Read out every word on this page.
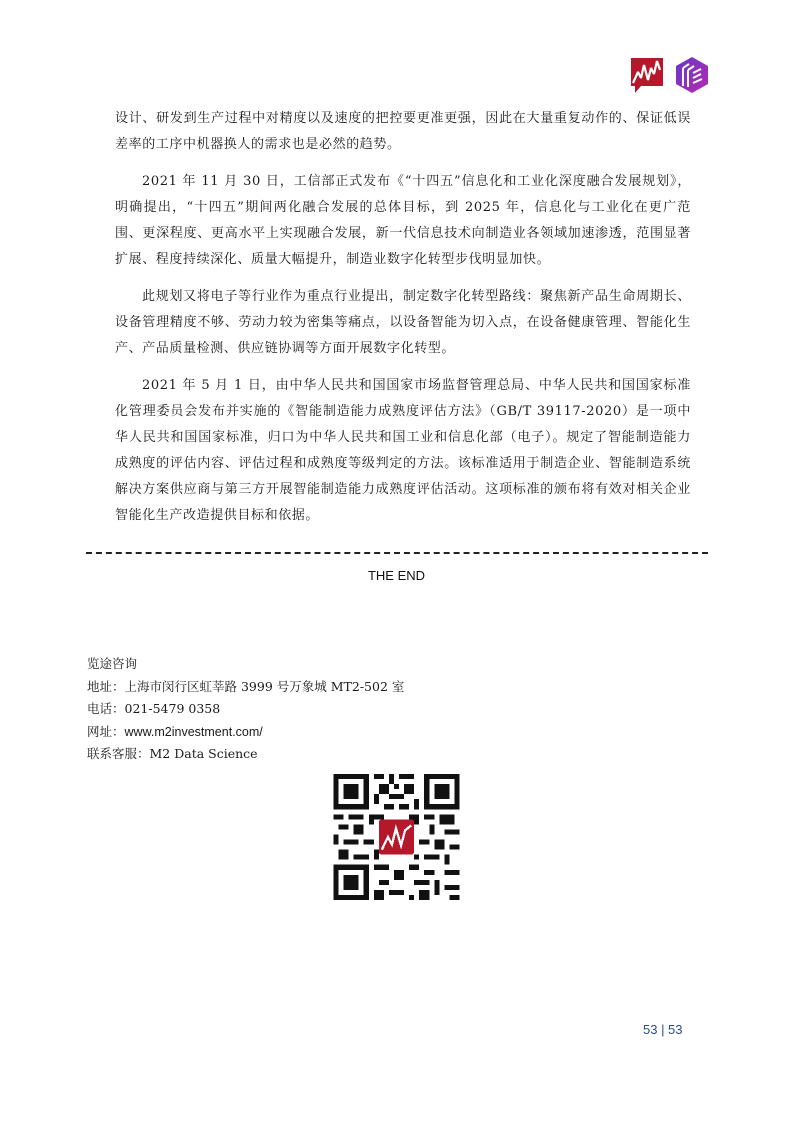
设计、研发到生产过程中对精度以及速度的把控要更准更强，因此在大量重复动作的、保证低误差率的工序中机器换人的需求也是必然的趋势。

2021 年 11 月 30 日，工信部正式发布《“十四五”信息化和工业化深度融合发展规划》，明确提出，“十四五”期间两化融合发展的总体目标，到 2025 年，信息化与工业化在更广范围、更深程度、更高水平上实现融合发展，新一代信息技术向制造业各领域加速渗透，范围显著扩展、程度持续深化、质量大幅提升，制造业数字化转型步伐明显加快。

此规划又将电子等行业作为重点行业提出，制定数字化转型路线：聚焦新产品生命周期长、设备管理精度不够、劳动力较为密集等痛点，以设备智能为切入点，在设备健康管理、智能化生产、产品质量检测、供应链协调等方面开展数字化转型。

2021 年 5 月 1 日，由中华人民共和国国家市场监督管理总局、中华人民共和国国家标准化管理委员会发布并实施的《智能制造能力成熟度评估方法》（GB/T 39117-2020）是一项中华人民共和国国家标准，归口为中华人民共和国工业和信息化部（电子）。规定了智能制造能力成熟度的评估内容、评估过程和成熟度等级判定的方法。该标准适用于制造企业、智能制造系统解决方案供应商与第三方开展智能制造能力成熟度评估活动。这项标准的颁布将有效对相关企业智能化生产改造提供目标和依据。

THE END
览途咨询
地址：上海市闵行区虹莘路 3999 号万象城 MT2-502 室
电话：021-5479 0358
网址：www.m2investment.com/
联系客服：M2 Data Science
53 | 53
